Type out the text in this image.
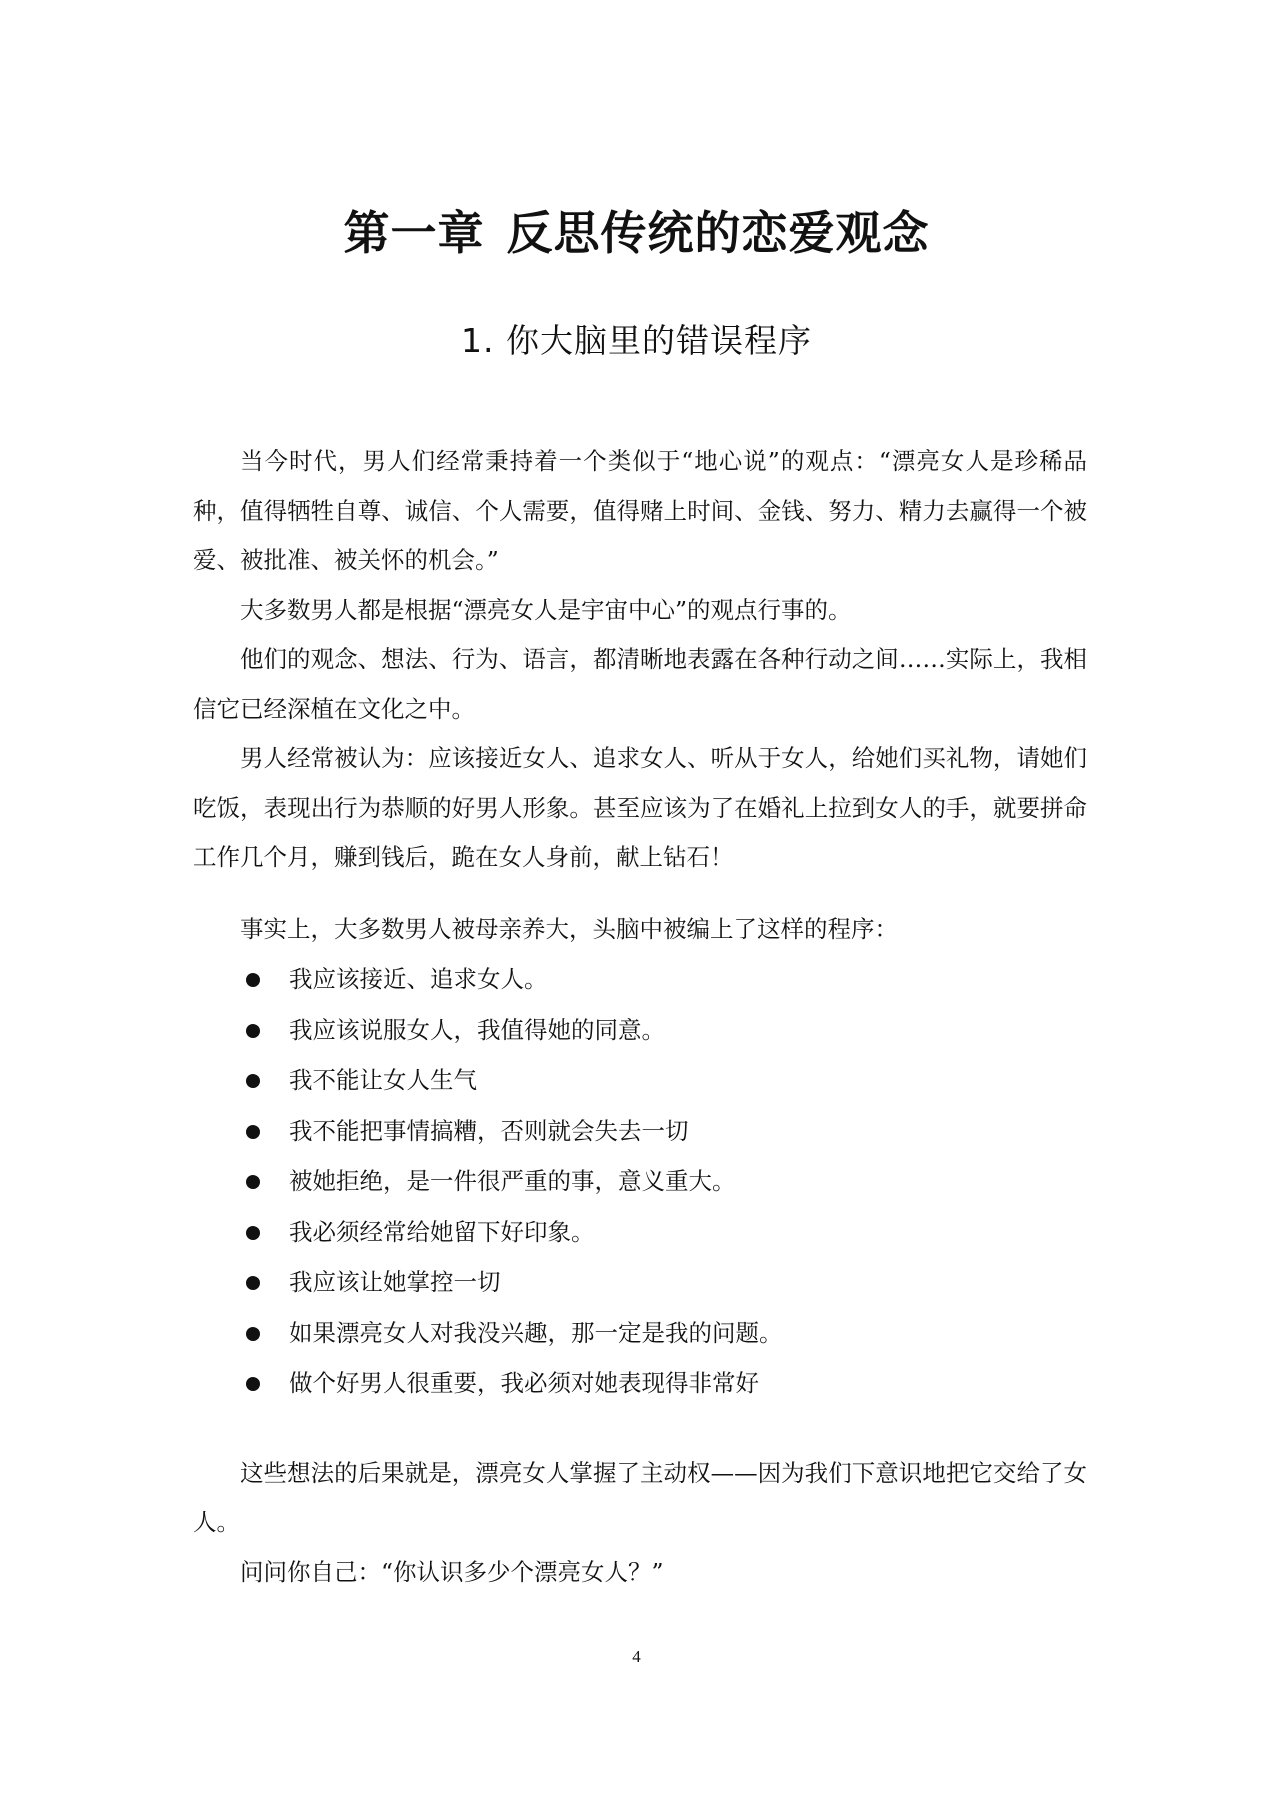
第一章 反思传统的恋爱观念
1. 你大脑里的错误程序

当今时代，男人们经常秉持着一个类似于“地心说”的观点：“漂亮女人是珍稀品种，值得牺牲自尊、诚信、个人需要，值得赌上时间、金钱、努力、精力去赢得一个被爱、被批准、被关怀的机会。”

大多数男人都是根据“漂亮女人是宇宙中心”的观点行事的。

他们的观念、想法、行为、语言，都清晰地表露在各种行动之间……实际上，我相信它已经深植在文化之中。

男人经常被认为：应该接近女人、追求女人、听从于女人，给她们买礼物，请她们吃饭，表现出行为恭顺的好男人形象。甚至应该为了在婚礼上拉到女人的手，就要拼命工作几个月，赚到钱后，跪在女人身前，献上钻石！

事实上，大多数男人被母亲养大，头脑中被编上了这样的程序：

我应该接近、追求女人。
我应该说服女人，我值得她的同意。
我不能让女人生气
我不能把事情搞糟，否则就会失去一切
被她拒绝，是一件很严重的事，意义重大。
我必须经常给她留下好印象。
我应该让她掌控一切
如果漂亮女人对我没兴趣，那一定是我的问题。
做个好男人很重要，我必须对她表现得非常好

这些想法的后果就是，漂亮女人掌握了主动权——因为我们下意识地把它交给了女人。

问问你自己：“你认识多少个漂亮女人？”

4
